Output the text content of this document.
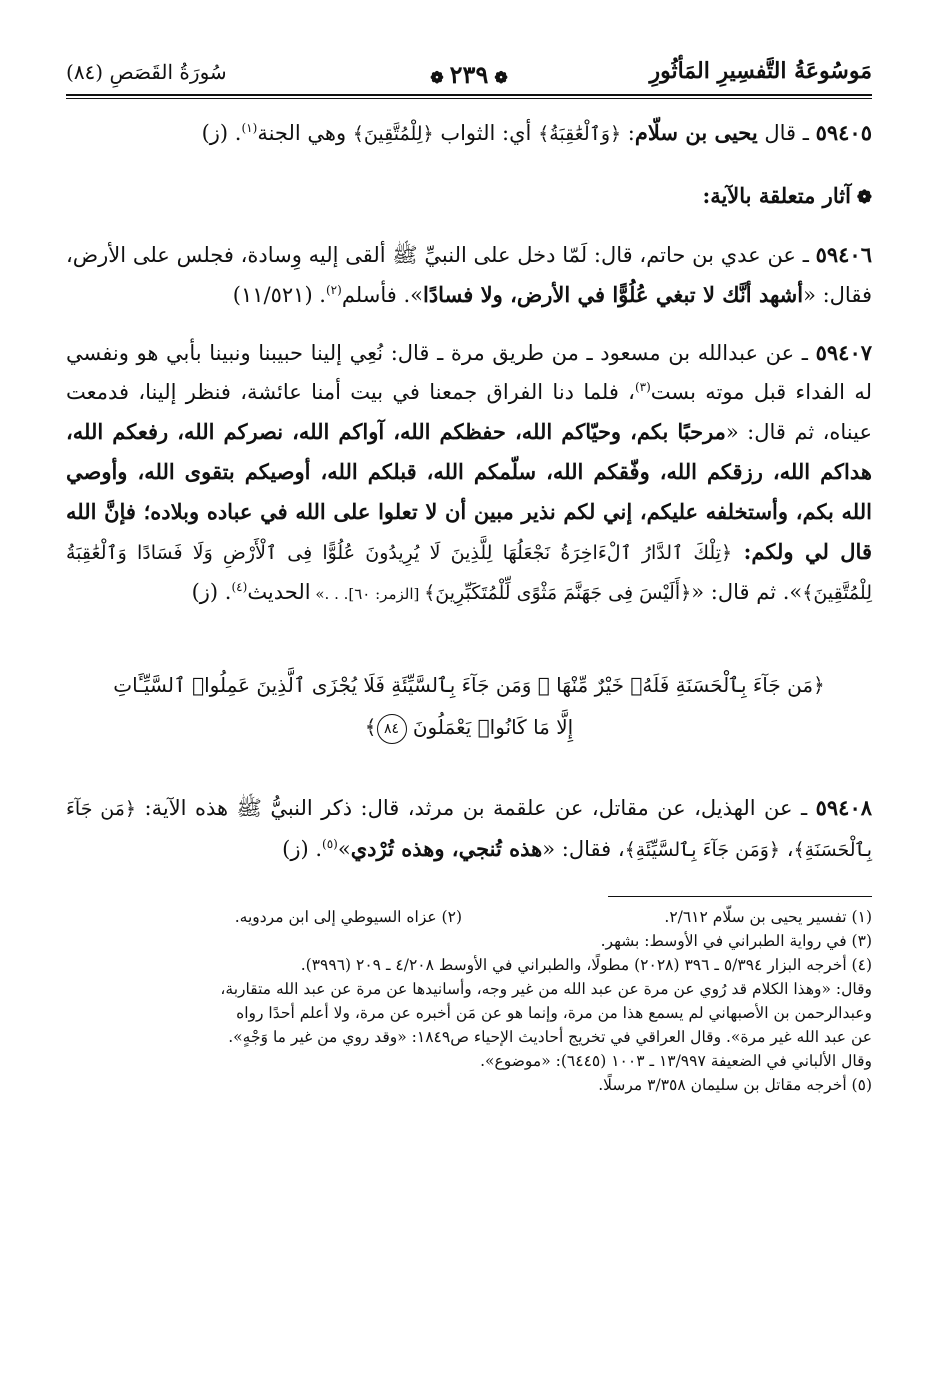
مَوسُوعَةُ التَّفسِيرِ المَأثُورِ
❁٢٣٩❁
سُورَةُ القَصَصِ (٨٤)

٥٩٤٠٥ ـ قال يحيى بن سلّام: ﴿وَٱلْعَٰقِبَةُ﴾ أي: الثواب ﴿لِلْمُتَّقِينَ﴾ وهي الجنة$^{(١)}$. (ز)

❁آثار متعلقة بالآية:

٥٩٤٠٦ ـ عن عدي بن حاتم، قال: لَمّا دخل على النبيِّ ﷺ ألقى إليه وِسادة، فجلس على الأرض، فقال: «أشهد أنَّك لا تبغي عُلُوًّا في الأرض، ولا فسادًا». فأسلم$^{(٢)}$. (١١/٥٢١)

٥٩٤٠٧ ـ عن عبدالله بن مسعود ـ من طريق مرة ـ قال: نُعِي إلينا حبيبنا ونبينا بأبي هو ونفسي له الفداء قبل موته بست$^{(٣)}$، فلما دنا الفراق جمعنا في بيت أمنا عائشة، فنظر إلينا، فدمعت عيناه، ثم قال: «مرحبًا بكم، وحيّاكم الله، حفظكم الله، آواكم الله، نصركم الله، رفعكم الله، هداكم الله، رزقكم الله، وفّقكم الله، سلّمكم الله، قبلكم الله، أوصيكم بتقوى الله، وأوصي الله بكم، وأستخلفه عليكم، إني لكم نذير مبين أن لا تعلوا على الله في عباده وبلاده؛ فإنَّ الله قال لي ولكم: ﴿تِلْكَ ٱلدَّارُ ٱلْءَاخِرَةُ نَجْعَلُهَا لِلَّذِينَ لَا يُرِيدُونَ عُلُوًّا فِى ٱلْأَرْضِ وَلَا فَسَادًا وَٱلْعَٰقِبَةُ لِلْمُتَّقِينَ﴾». ثم قال: «﴿أَلَيْسَ فِى جَهَنَّمَ مَثْوًى لِّلْمُتَكَبِّرِينَ﴾ [الزمر: ٦٠]. . .» الحديث$^{(٤)}$. (ز)

﴿مَن جَآءَ بِٱلْحَسَنَةِ فَلَهُۥ خَيْرٌ مِّنْهَا ۖ وَمَن جَآءَ بِٱلسَّيِّئَةِ فَلَا يُجْزَى ٱلَّذِينَ عَمِلُوا۟ ٱلسَّيِّـَٔاتِ
إِلَّا مَا كَانُوا۟ يَعْمَلُونَ ٨٤﴾

٥٩٤٠٨ ـ عن الهذيل، عن مقاتل، عن علقمة بن مرثد، قال: ذكر النبيُّ ﷺ هذه الآية: ﴿مَن جَآءَ بِٱلْحَسَنَةِ﴾، ﴿وَمَن جَآءَ بِٱلسَّيِّئَةِ﴾، فقال: «هذه تُنجي، وهذه تُرْدي»$^{(٥)}$. (ز)

(١) تفسير يحيى بن سلّام ٢/٦١٢.
(٢) عزاه السيوطي إلى ابن مردويه.

(٣) في رواية الطبراني في الأوسط: بشهر.

(٤) أخرجه البزار ٥/٣٩٤ ـ ٣٩٦ (٢٠٢٨) مطولًا، والطبراني في الأوسط ٤/٢٠٨ ـ ٢٠٩ (٣٩٩٦).

وقال: «وهذا الكلام قد رُوي عن مرة عن عبد الله من غير وجه، وأسانيدها عن مرة عن عبد الله متقاربة،

وعبدالرحمن بن الأصبهاني لم يسمع هذا من مرة، وإنما هو عن مَن أخبره عن مرة، ولا أعلم أحدًا رواه

عن عبد الله غير مرة». وقال العراقي في تخريج أحاديث الإحياء ص١٨٤٩: «وقد روي من غير ما وَجْهٍ».

وقال الألباني في الضعيفة ١٣/٩٩٧ ـ ١٠٠٣ (٦٤٤٥): «موضوع».

(٥) أخرجه مقاتل بن سليمان ٣/٣٥٨ مرسلًا.
